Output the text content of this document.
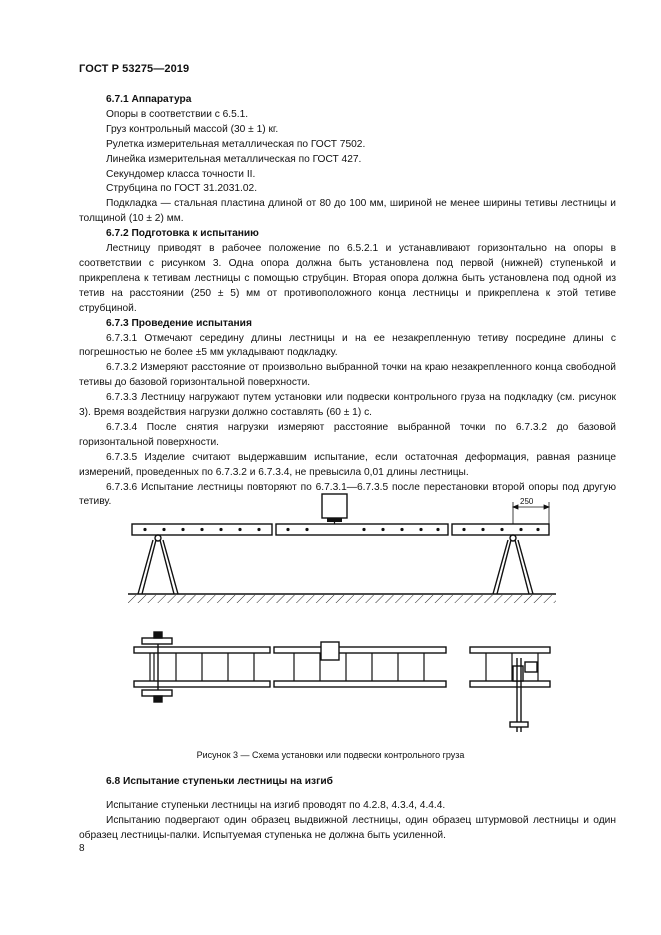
ГОСТ Р 53275—2019

6.7.1 Аппаратура

Опоры в соответствии с 6.5.1.

Груз контрольный массой (30 ± 1) кг.

Рулетка измерительная металлическая по ГОСТ 7502.

Линейка измерительная металлическая по ГОСТ 427.

Секундомер класса точности II.

Струбцина по ГОСТ 31.2031.02.

Подкладка — стальная пластина длиной от 80 до 100 мм, шириной не менее ширины тетивы лестницы и толщиной (10 ± 2) мм.

6.7.2 Подготовка к испытанию

Лестницу приводят в рабочее положение по 6.5.2.1 и устанавливают горизонтально на опоры в соответствии с рисунком 3. Одна опора должна быть установлена под первой (нижней) ступенькой и прикреплена к тетивам лестницы с помощью струбцин. Вторая опора должна быть установлена под одной из тетив на расстоянии (250 ± 5) мм от противоположного конца лестницы и прикреплена к этой тетиве струбциной.

6.7.3 Проведение испытания

6.7.3.1 Отмечают середину длины лестницы и на ее незакрепленную тетиву посредине длины с погрешностью не более ±5 мм укладывают подкладку.

6.7.3.2 Измеряют расстояние от произвольно выбранной точки на краю незакрепленного конца свободной тетивы до базовой горизонтальной поверхности.

6.7.3.3 Лестницу нагружают путем установки или подвески контрольного груза на подкладку (см. рисунок 3). Время воздействия нагрузки должно составлять (60 ± 1) с.

6.7.3.4 После снятия нагрузки измеряют расстояние выбранной точки по 6.7.3.2 до базовой горизонтальной поверхности.

6.7.3.5 Изделие считают выдержавшим испытание, если остаточная деформация, равная разнице измерений, проведенных по 6.7.3.2 и 6.7.3.4, не превысила 0,01 длины лестницы.

6.7.3.6 Испытание лестницы повторяют по 6.7.3.1—6.7.3.5 после перестановки второй опоры под другую тетиву.	250
Рисунок 3 — Схема установки или подвески контрольного груза

6.8 Испытание ступеньки лестницы на изгиб

Испытание ступеньки лестницы на изгиб проводят по 4.2.8, 4.3.4, 4.4.4.

Испытанию подвергают один образец выдвижной лестницы, один образец штурмовой лестницы и один образец лестницы-палки. Испытуемая ступенька не должна быть усиленной.

8
